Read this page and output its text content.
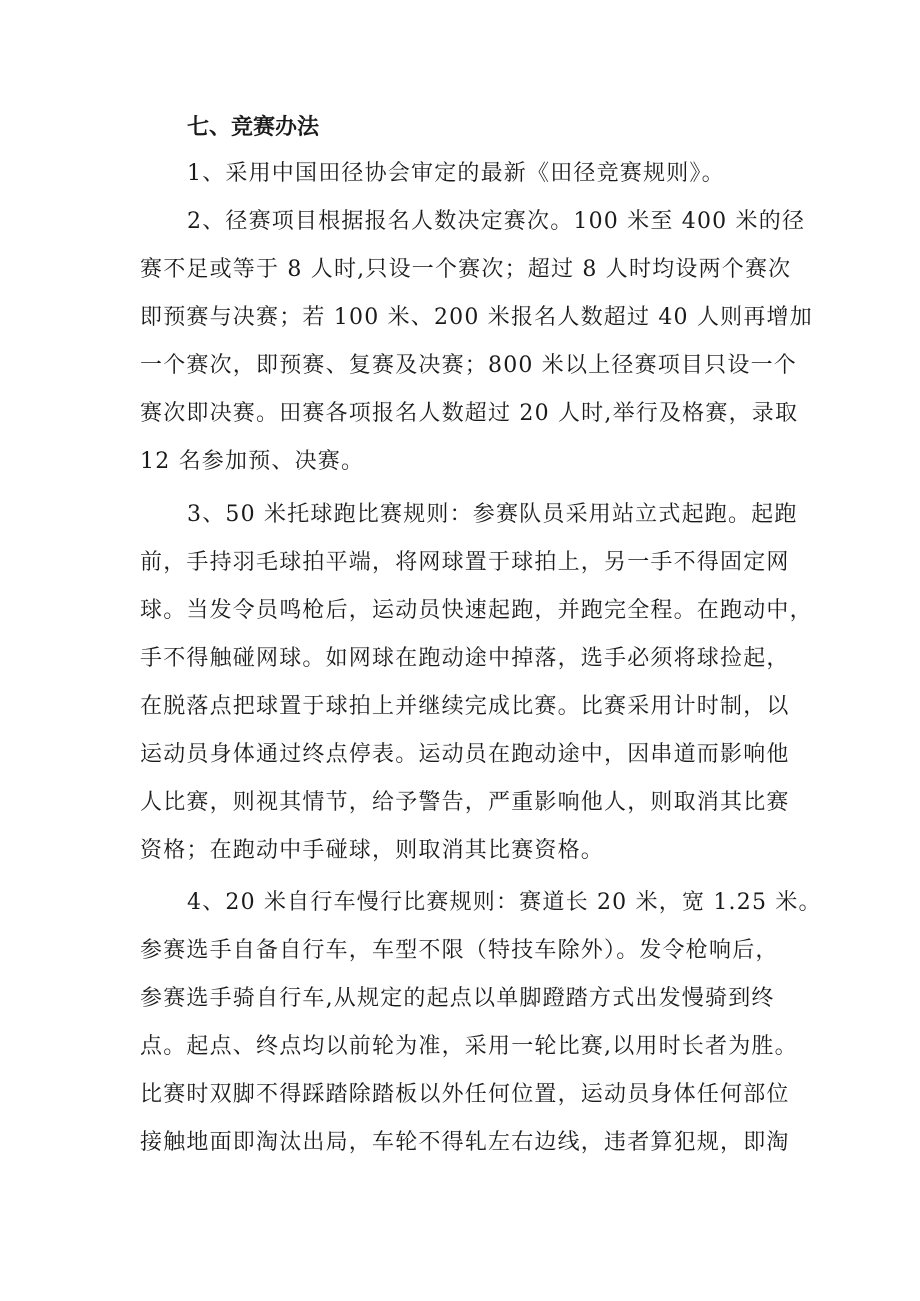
七、竞赛办法
1、采用中国田径协会审定的最新《田径竞赛规则》。
2、径赛项目根据报名人数决定赛次。100 米至 400 米的径
赛不足或等于 8 人时,只设一个赛次；超过 8 人时均设两个赛次
即预赛与决赛；若 100 米、200 米报名人数超过 40 人则再增加
一个赛次，即预赛、复赛及决赛；800 米以上径赛项目只设一个
赛次即决赛。田赛各项报名人数超过 20 人时,举行及格赛，录取
12 名参加预、决赛。
3、50 米托球跑比赛规则：参赛队员采用站立式起跑。起跑
前，手持羽毛球拍平端，将网球置于球拍上，另一手不得固定网
球。当发令员鸣枪后，运动员快速起跑，并跑完全程。在跑动中，
手不得触碰网球。如网球在跑动途中掉落，选手必须将球捡起，
在脱落点把球置于球拍上并继续完成比赛。比赛采用计时制，以
运动员身体通过终点停表。运动员在跑动途中，因串道而影响他
人比赛，则视其情节，给予警告，严重影响他人，则取消其比赛
资格；在跑动中手碰球，则取消其比赛资格。
4、20 米自行车慢行比赛规则：赛道长 20 米，宽 1.25 米。
参赛选手自备自行车，车型不限（特技车除外）。发令枪响后，
参赛选手骑自行车,从规定的起点以单脚蹬踏方式出发慢骑到终
点。起点、终点均以前轮为准，采用一轮比赛,以用时长者为胜。
比赛时双脚不得踩踏除踏板以外任何位置，运动员身体任何部位
接触地面即淘汰出局，车轮不得轧左右边线，违者算犯规，即淘
